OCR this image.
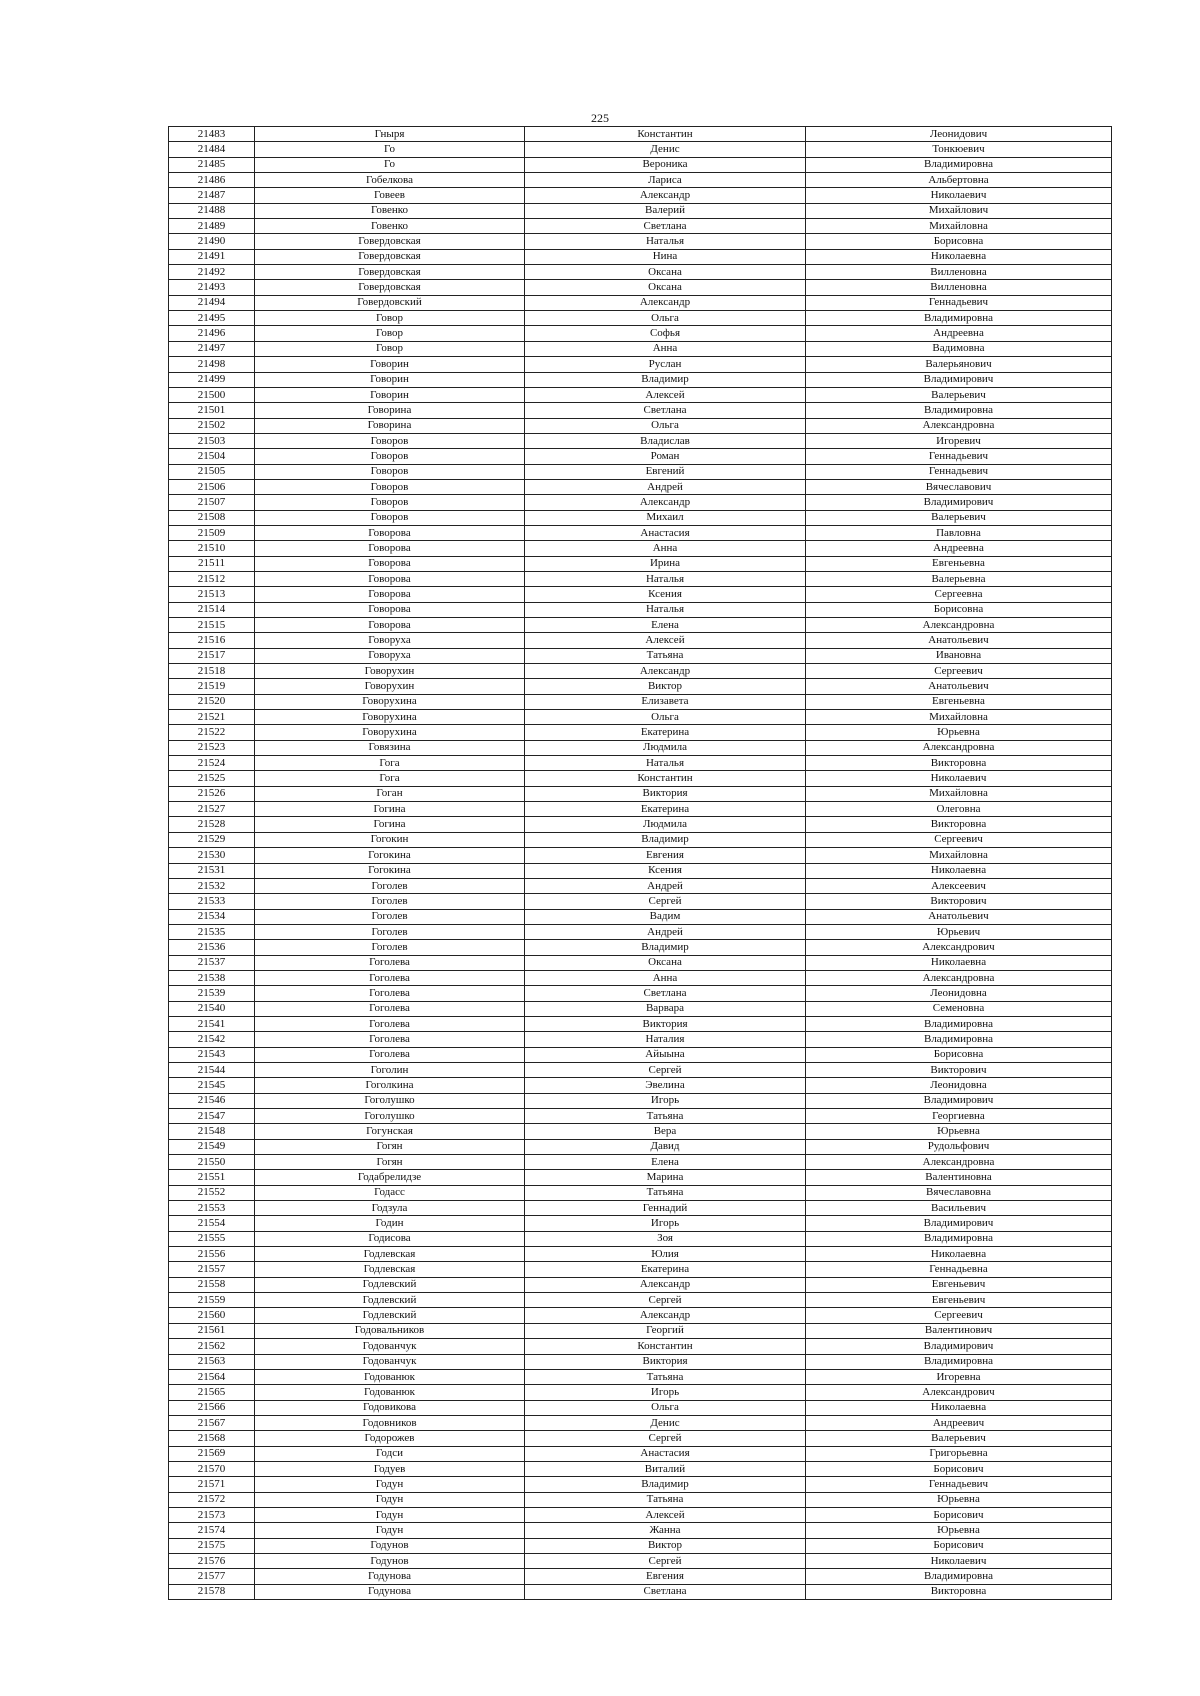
225
21483	Гныря	Константин	Леонидович
21484	Го	Денис	Тонкюевич
21485	Го	Вероника	Владимировна
21486	Гобелкова	Лариса	Альбертовна
21487	Говеев	Александр	Николаевич
21488	Говенко	Валерий	Михайлович
21489	Говенко	Светлана	Михайловна
21490	Говердовская	Наталья	Борисовна
21491	Говердовская	Нина	Николаевна
21492	Говердовская	Оксана	Вилленовна
21493	Говердовская	Оксана	Вилленовна
21494	Говердовский	Александр	Геннадьевич
21495	Говор	Ольга	Владимировна
21496	Говор	Софья	Андреевна
21497	Говор	Анна	Вадимовна
21498	Говорин	Руслан	Валерьянович
21499	Говорин	Владимир	Владимирович
21500	Говорин	Алексей	Валерьевич
21501	Говорина	Светлана	Владимировна
21502	Говорина	Ольга	Александровна
21503	Говоров	Владислав	Игоревич
21504	Говоров	Роман	Геннадьевич
21505	Говоров	Евгений	Геннадьевич
21506	Говоров	Андрей	Вячеславович
21507	Говоров	Александр	Владимирович
21508	Говоров	Михаил	Валерьевич
21509	Говорова	Анастасия	Павловна
21510	Говорова	Анна	Андреевна
21511	Говорова	Ирина	Евгеньевна
21512	Говорова	Наталья	Валерьевна
21513	Говорова	Ксения	Сергеевна
21514	Говорова	Наталья	Борисовна
21515	Говорова	Елена	Александровна
21516	Говоруха	Алексей	Анатольевич
21517	Говоруха	Татьяна	Ивановна
21518	Говорухин	Александр	Сергеевич
21519	Говорухин	Виктор	Анатольевич
21520	Говорухина	Елизавета	Евгеньевна
21521	Говорухина	Ольга	Михайловна
21522	Говорухина	Екатерина	Юрьевна
21523	Говязина	Людмила	Александровна
21524	Гога	Наталья	Викторовна
21525	Гога	Константин	Николаевич
21526	Гоган	Виктория	Михайловна
21527	Гогина	Екатерина	Олеговна
21528	Гогина	Людмила	Викторовна
21529	Гогокин	Владимир	Сергеевич
21530	Гогокина	Евгения	Михайловна
21531	Гогокина	Ксения	Николаевна
21532	Гоголев	Андрей	Алексеевич
21533	Гоголев	Сергей	Викторович
21534	Гоголев	Вадим	Анатольевич
21535	Гоголев	Андрей	Юрьевич
21536	Гоголев	Владимир	Александрович
21537	Гоголева	Оксана	Николаевна
21538	Гоголева	Анна	Александровна
21539	Гоголева	Светлана	Леонидовна
21540	Гоголева	Варвара	Семеновна
21541	Гоголева	Виктория	Владимировна
21542	Гоголева	Наталия	Владимировна
21543	Гоголева	Айыына	Борисовна
21544	Гоголин	Сергей	Викторович
21545	Гоголкина	Эвелина	Леонидовна
21546	Гоголушко	Игорь	Владимирович
21547	Гоголушко	Татьяна	Георгиевна
21548	Гогунская	Вера	Юрьевна
21549	Гогян	Давид	Рудольфович
21550	Гогян	Елена	Александровна
21551	Годабрелидзе	Марина	Валентиновна
21552	Годасс	Татьяна	Вячеславовна
21553	Годзула	Геннадий	Васильевич
21554	Годин	Игорь	Владимирович
21555	Годисова	Зоя	Владимировна
21556	Годлевская	Юлия	Николаевна
21557	Годлевская	Екатерина	Геннадьевна
21558	Годлевский	Александр	Евгеньевич
21559	Годлевский	Сергей	Евгеньевич
21560	Годлевский	Александр	Сергеевич
21561	Годовальников	Георгий	Валентинович
21562	Годованчук	Константин	Владимирович
21563	Годованчук	Виктория	Владимировна
21564	Годованюк	Татьяна	Игоревна
21565	Годованюк	Игорь	Александрович
21566	Годовикова	Ольга	Николаевна
21567	Годовников	Денис	Андреевич
21568	Годорожев	Сергей	Валерьевич
21569	Годси	Анастасия	Григорьевна
21570	Годуев	Виталий	Борисович
21571	Годун	Владимир	Геннадьевич
21572	Годун	Татьяна	Юрьевна
21573	Годун	Алексей	Борисович
21574	Годун	Жанна	Юрьевна
21575	Годунов	Виктор	Борисович
21576	Годунов	Сергей	Николаевич
21577	Годунова	Евгения	Владимировна
21578	Годунова	Светлана	Викторовна
